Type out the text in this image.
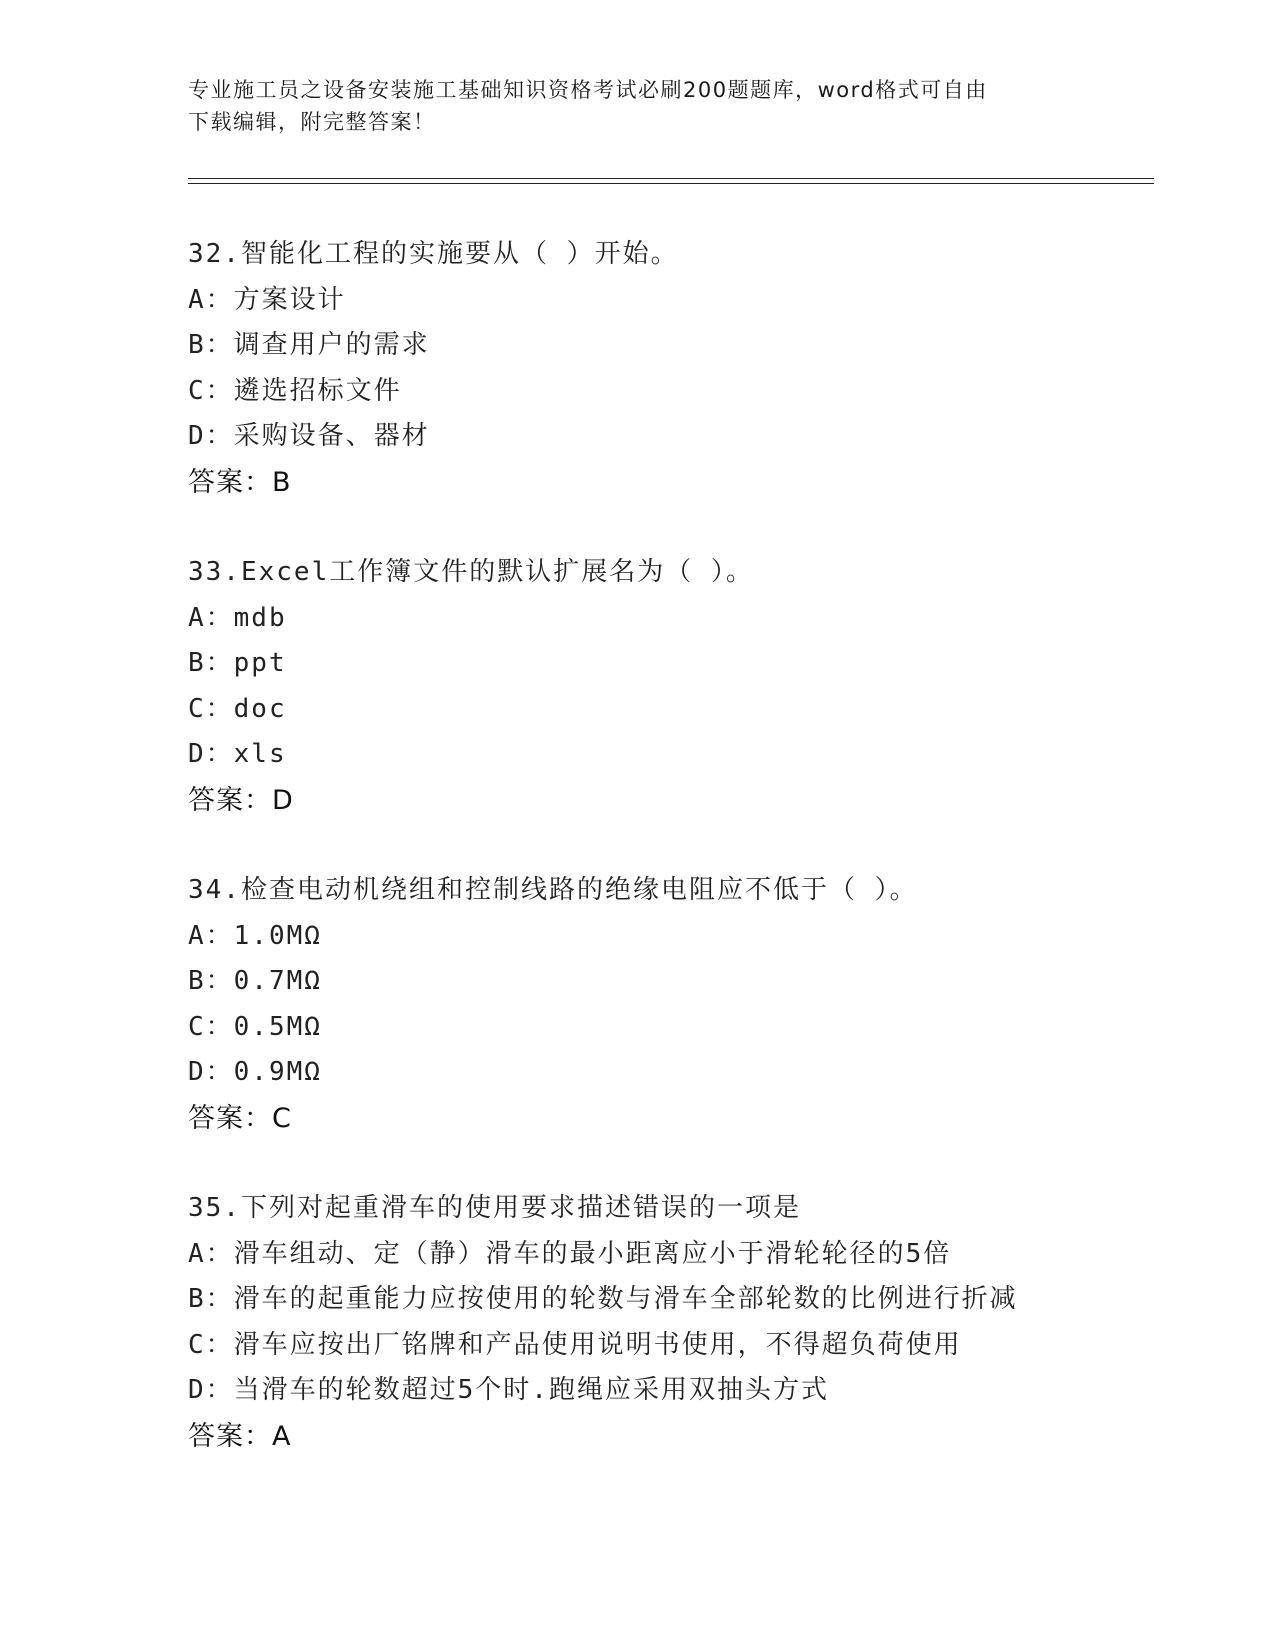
专业施工员之设备安装施工基础知识资格考试必刷200题题库，word格式可自由
下载编辑，附完整答案！
32.智能化工程的实施要从（ ）开始。
A：方案设计
B：调查用户的需求
C：遴选招标文件
D：采购设备、器材
答案：B
33.Excel工作簿文件的默认扩展名为（ ）。
A：mdb
B：ppt
C：doc
D：xls
答案：D
34.检查电动机绕组和控制线路的绝缘电阻应不低于（ ）。
A：1.0MΩ
B：0.7MΩ
C：0.5MΩ
D：0.9MΩ
答案：C
35.下列对起重滑车的使用要求描述错误的一项是
A：滑车组动、定（静）滑车的最小距离应小于滑轮轮径的5倍
B：滑车的起重能力应按使用的轮数与滑车全部轮数的比例进行折减
C：滑车应按出厂铭牌和产品使用说明书使用，不得超负荷使用
D：当滑车的轮数超过5个时.跑绳应采用双抽头方式
答案：A
